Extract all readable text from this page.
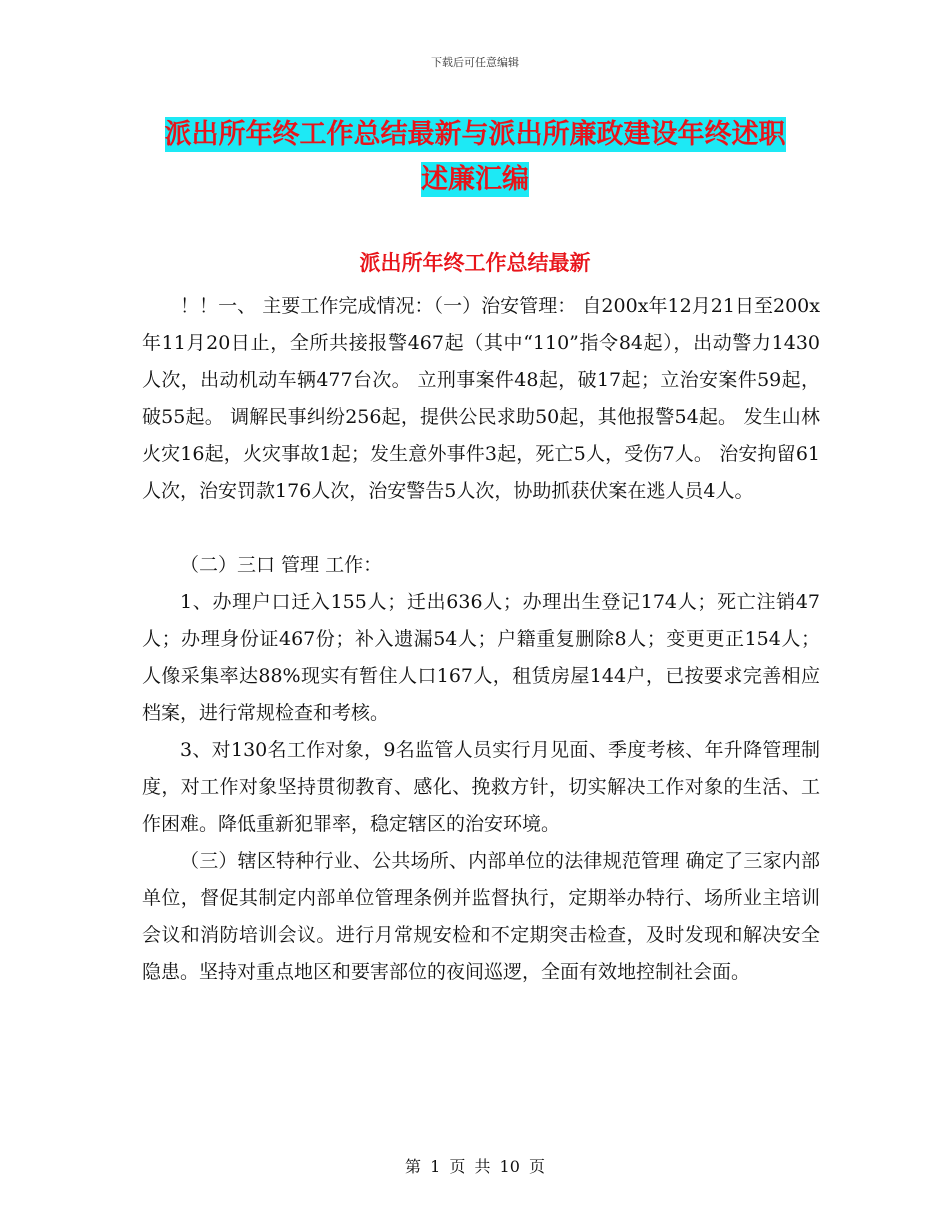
下载后可任意编辑
派出所年终工作总结最新与派出所廉政建设年终述职
述廉汇编
派出所年终工作总结最新

！！一、 主要工作完成情况：（一）治安管理： 自200x年12月21日至200x年11月20日止，全所共接报警467起（其中“110”指令84起），出动警力1430人次，出动机动车辆477台次。 立刑事案件48起，破17起；立治安案件59起，破55起。 调解民事纠纷256起，提供公民求助50起，其他报警54起。 发生山林火灾16起，火灾事故1起；发生意外事件3起，死亡5人，受伤7人。 治安拘留61人次，治安罚款176人次，治安警告5人次，协助抓获伏案在逃人员4人。

（二）三口 管理 工作：

1、办理户口迁入155人；迁出636人；办理出生登记174人；死亡注销47人；办理身份证467份；补入遗漏54人；户籍重复删除8人；变更更正154人；人像采集率达88%现实有暂住人口167人，租赁房屋144户，已按要求完善相应档案，进行常规检查和考核。

3、对130名工作对象，9名监管人员实行月见面、季度考核、年升降管理制度，对工作对象坚持贯彻教育、感化、挽救方针，切实解决工作对象的生活、工作困难。降低重新犯罪率，稳定辖区的治安环境。

（三）辖区特种行业、公共场所、内部单位的法律规范管理 确定了三家内部单位，督促其制定内部单位管理条例并监督执行，定期举办特行、场所业主培训会议和消防培训会议。进行月常规安检和不定期突击检查，及时发现和解决安全隐患。坚持对重点地区和要害部位的夜间巡逻，全面有效地控制社会面。

第 1 页 共 10 页
